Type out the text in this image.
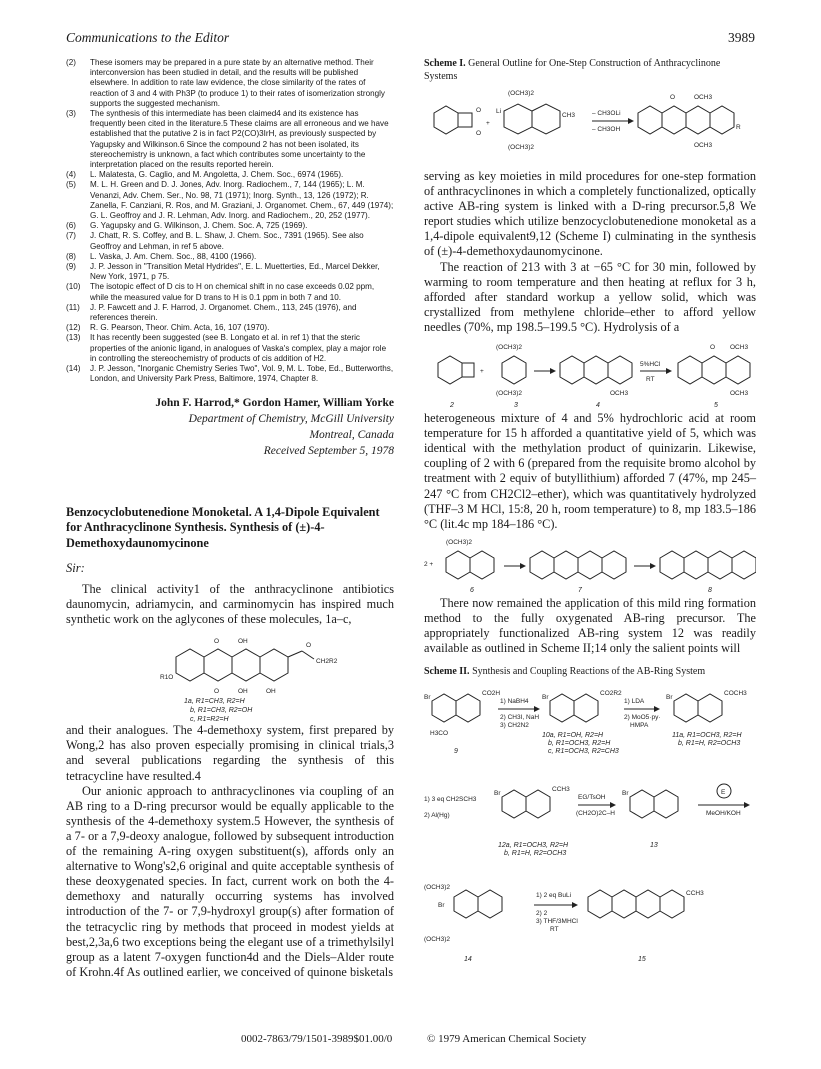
Communications to the Editor	3989
(2) These isomers may be prepared in a pure state by an alternative method. Their interconversion has been studied in detail, and the results will be published elsewhere. In addition to rate law evidence, the close similarity of the rates of reaction of 3 and 4 with Ph3P (to produce 1) to their rates of isomerization strongly supports the suggested mechanism.
(3) The synthesis of this intermediate has been claimed4 and its existence has frequently been cited in the literature.5 These claims are all erroneous and we have established that the putative 2 is in fact P2(CO)3IrH, as previously suspected by Yagupsky and Wilkinson.6 Since the compound 2 has not been isolated, its stereochemistry is unknown, a fact which contributes some uncertainty to the interpretation placed on the results reported herein.
(4) L. Malatesta, G. Caglio, and M. Angoletta, J. Chem. Soc., 6974 (1965).
(5) M. L. H. Green and D. J. Jones, Adv. Inorg. Radiochem., 7, 144 (1965); L. M. Venanzi, Adv. Chem. Ser., No. 98, 71 (1971); Inorg. Synth., 13, 126 (1972); R. Zanella, F. Canziani, R. Ros, and M. Graziani, J. Organomet. Chem., 67, 449 (1974); G. L. Geoffroy and J. R. Lehman, Adv. Inorg. and Radiochem., 20, 252 (1977).
(6) G. Yagupsky and G. Wilkinson, J. Chem. Soc. A, 725 (1969).
(7) J. Chatt, R. S. Coffey, and B. L. Shaw, J. Chem. Soc., 7391 (1965). See also Geoffroy and Lehman, in ref 5 above.
(8) L. Vaska, J. Am. Chem. Soc., 88, 4100 (1966).
(9) J. P. Jesson in "Transition Metal Hydrides", E. L. Muetterties, Ed., Marcel Dekker, New York, 1971, p 75.
(10) The isotopic effect of D cis to H on chemical shift in no case exceeds 0.02 ppm, while the measured value for D trans to H is 0.1 ppm in both 7 and 10.
(11) J. P. Fawcett and J. F. Harrod, J. Organomet. Chem., 113, 245 (1976), and references therein.
(12) R. G. Pearson, Theor. Chim. Acta, 16, 107 (1970).
(13) It has recently been suggested (see B. Longato et al. in ref 1) that the steric properties of the anionic ligand, in analogues of Vaska's complex, play a major role in controlling the stereochemistry of products of cis addition of H2.
(14) J. P. Jesson, "Inorganic Chemistry Series Two", Vol. 9, M. L. Tobe, Ed., Butterworths, London, and University Park Press, Baltimore, 1974, Chapter 8.
John F. Harrod,* Gordon Hamer, William Yorke
Department of Chemistry, McGill University
Montreal, Canada
Received September 5, 1978
Benzocyclobutenedione Monoketal. A 1,4-Dipole Equivalent for Anthracyclinone Synthesis. Synthesis of (±)-4-Demethoxydaunomycinone
Sir:

The clinical activity1 of the anthracyclinone antibiotics daunomycin, adriamycin, and carminomycin has inspired much synthetic work on the aglycones of these molecules, 1a–c,

O	OH
O	OH	OH
O
CH2R2
R1O
1a, R1=CH3, R2=H
b, R1=CH3, R2=OH
c, R1=R2=H

and their analogues. The 4-demethoxy system, first prepared by Wong,2 has also proven especially promising in clinical trials,3 and several publications regarding the synthesis of this tetracycline have resulted.4

Our anionic approach to anthracyclinones via coupling of an AB ring to a D-ring precursor would be equally applicable to the synthesis of the 4-demethoxy system.5 However, the synthesis of a 7- or a 7,9-deoxy analogue, followed by subsequent introduction of the remaining A-ring oxygen substituent(s), affords only an alternative to Wong's2,6 original and quite acceptable synthesis of these deoxygenated species. In fact, current work on both the 4-demethoxy and naturally occurring systems has involved introduction of the 7- or 7,9-hydroxyl group(s) after formation of the tetracyclic ring by methods that proceed in modest yields at best,2,3a,6 two exceptions being the elegant use of a trimethylsilyl group as a latent 7-oxygen function4d and the Diels–Alder route of Krohn.4f As outlined earlier, we conceived of quinone bisketals

Scheme I. General Outline for One-Step Construction of Anthracyclinone Systems

O
O
+
(OCH3)2
(OCH3)2
CH3
Li	– CH3OLi
– CH3OH
O	OCH3
OCH3
R

serving as key moieties in mild procedures for one-step formation of anthracyclinones in which a completely functionalized, optically active AB-ring system is linked with a D-ring precursor.5,8 We report studies which utilize benzocyclobutenedione monoketal as a 1,4-dipole equivalent9,12 (Scheme I) culminating in the synthesis of (±)-4-demethoxydaunomycinone.

The reaction of 213 with 3 at −65 °C for 30 min, followed by warming to room temperature and then heating at reflux for 3 h, afforded after standard workup a yellow solid, which was crystallized from methylene chloride–ether to afford yellow needles (70%, mp 198.5–199.5 °C). Hydrolysis of a

+
(OCH3)2
(OCH3)2	OCH3
5%HCl
RT
O OCH3
OCH3
2	3	4	5

heterogeneous mixture of 4 and 5% hydrochloric acid at room temperature for 15 h afforded a quantitative yield of 5, which was identical with the methylation product of quinizarin. Likewise, coupling of 2 with 6 (prepared from the requisite bromo alcohol by treatment with 2 equiv of butyllithium) afforded 7 (47%, mp 245–247 °C from CH2Cl2–ether), which was quantitatively hydrolyzed (THF–3 M HCl, 15:8, 20 h, room temperature) to 8, mp 183.5–186 °C (lit.4c mp 184–186 °C).

2 +
(OCH3)2
6	7	8

There now remained the application of this mild ring formation method to the fully oxygenated AB-ring precursor. The appropriately functionalized AB-ring system 12 was readily available as outlined in Scheme II;14 only the salient points will

Scheme II. Synthesis and Coupling Reactions of the AB-Ring System

Br
CO2H
H3CO
9
1) NaBH4
2) CH3I, NaH
3) CH2N2
CO2R2
Br
10a, R1=OH, R2=H
b, R1=OCH3, R2=H
c, R1=OCH3, R2=CH3
1) LDA
2) MoO5·py·
HMPA
COCH3
Br
11a, R1=OCH3, R2=H
b, R1=H, R2=OCH3
1) 3 eq CH2SCH3
2) Al(Hg)
Br
CCH3
12a, R1=OCH3, R2=H
b, R1=H, R2=OCH3
EG/TsOH
(CH2O)2C–H
Br
13
E
MeOH/KOH
(OCH3)2
(OCH3)2
Br
14
1) 2 eq BuLi
2) 2
3) THF/3MHCl
RT
CCH3
15
0002-7863/79/1501-3989$01.00/0	© 1979 American Chemical Society
